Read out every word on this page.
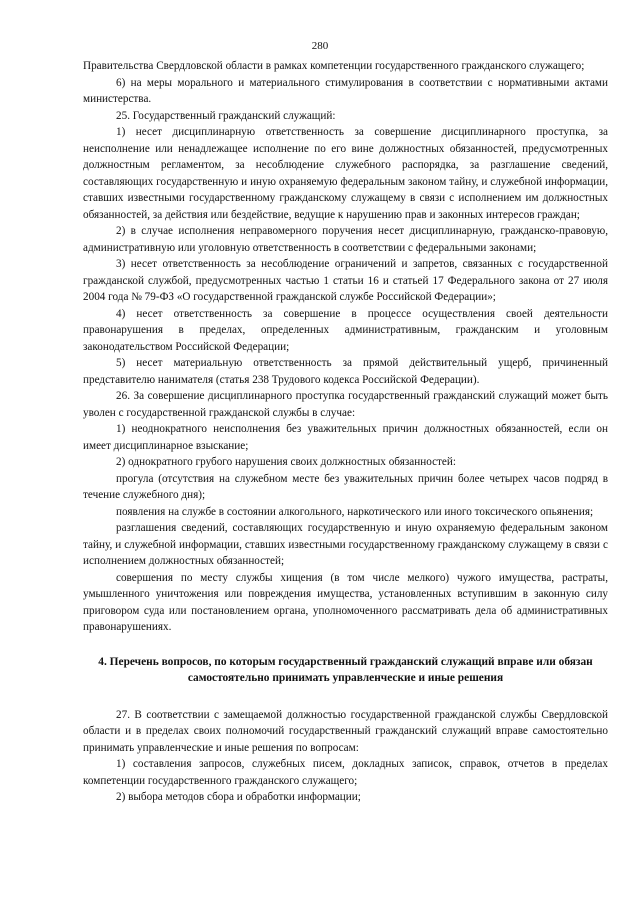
280

Правительства Свердловской области в рамках компетенции государственного гражданского служащего;

6) на меры морального и материального стимулирования в соответствии с нормативными актами министерства.

25. Государственный гражданский служащий:

1) несет дисциплинарную ответственность за совершение дисциплинарного проступка, за неисполнение или ненадлежащее исполнение по его вине должностных обязанностей, предусмотренных должностным регламентом, за несоблюдение служебного распорядка, за разглашение сведений, составляющих государственную и иную охраняемую федеральным законом тайну, и служебной информации, ставших известными государственному гражданскому служащему в связи с исполнением им должностных обязанностей, за действия или бездействие, ведущие к нарушению прав и законных интересов граждан;

2) в случае исполнения неправомерного поручения несет дисциплинарную, гражданско-правовую, административную или уголовную ответственность в соответствии с федеральными законами;

3) несет ответственность за несоблюдение ограничений и запретов, связанных с государственной гражданской службой, предусмотренных частью 1 статьи 16 и статьей 17 Федерального закона от 27 июля 2004 года № 79-ФЗ «О государственной гражданской службе Российской Федерации»;

4) несет ответственность за совершение в процессе осуществления своей деятельности правонарушения в пределах, определенных административным, гражданским и уголовным законодательством Российской Федерации;

5) несет материальную ответственность за прямой действительный ущерб, причиненный представителю нанимателя (статья 238 Трудового кодекса Российской Федерации).

26. За совершение дисциплинарного проступка государственный гражданский служащий может быть уволен с государственной гражданской службы в случае:

1) неоднократного неисполнения без уважительных причин должностных обязанностей, если он имеет дисциплинарное взыскание;

2) однократного грубого нарушения своих должностных обязанностей:

прогула (отсутствия на служебном месте без уважительных причин более четырех часов подряд в течение служебного дня);

появления на службе в состоянии алкогольного, наркотического или иного токсического опьянения;

разглашения сведений, составляющих государственную и иную охраняемую федеральным законом тайну, и служебной информации, ставших известными государственному гражданскому служащему в связи с исполнением должностных обязанностей;

совершения по месту службы хищения (в том числе мелкого) чужого имущества, растраты, умышленного уничтожения или повреждения имущества, установленных вступившим в законную силу приговором суда или постановлением органа, уполномоченного рассматривать дела об административных правонарушениях.

4. Перечень вопросов, по которым государственный гражданский служащий вправе или обязан самостоятельно принимать управленческие и иные решения

27. В соответствии с замещаемой должностью государственной гражданской службы Свердловской области и в пределах своих полномочий государственный гражданский служащий вправе самостоятельно принимать управленческие и иные решения по вопросам:

1) составления запросов, служебных писем, докладных записок, справок, отчетов в пределах компетенции государственного гражданского служащего;

2) выбора методов сбора и обработки информации;
